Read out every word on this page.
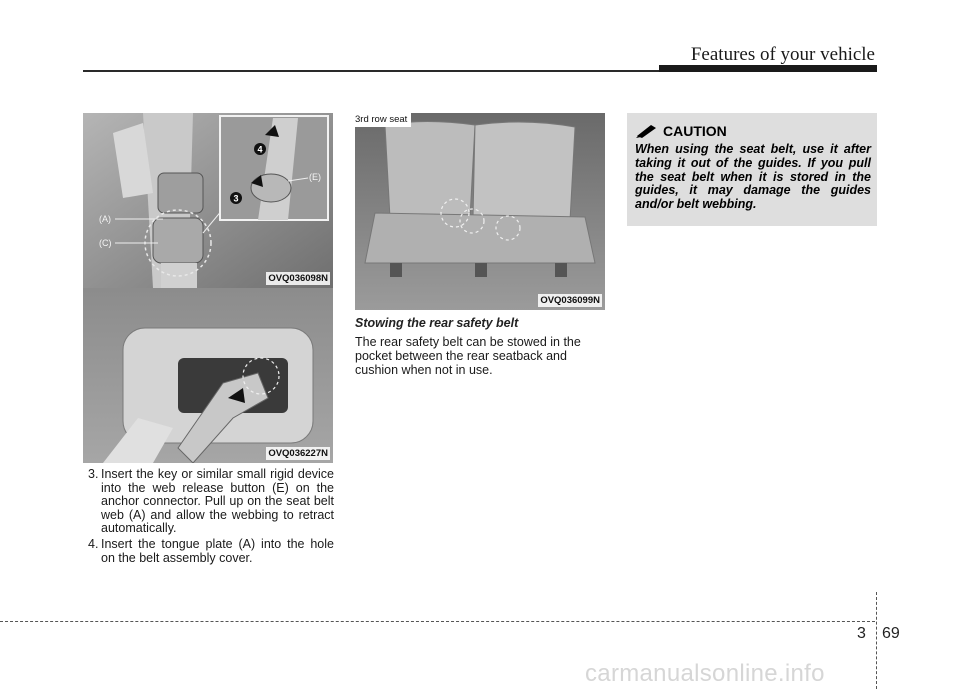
Features of your vehicle
4
3
(E)
(A)
(C)
OVQ036098N
OVQ036227N
3rd row seat
OVQ036099N
3. Insert the key or similar small rigid device into the web release button (E) on the anchor connector. Pull up on the seat belt web (A) and allow the webbing to retract automatically.
4. Insert the tongue plate (A) into the hole on the belt assembly cover.
Stowing the rear safety belt
The rear safety belt can be stowed in the pocket between the rear seatback and cushion when not in use.
CAUTION
When using the seat belt, use it after taking it out of the guides. If you pull the seat belt when it is stored in the guides, it may damage the guides and/or belt webbing.
3 69
carmanualsonline.info
